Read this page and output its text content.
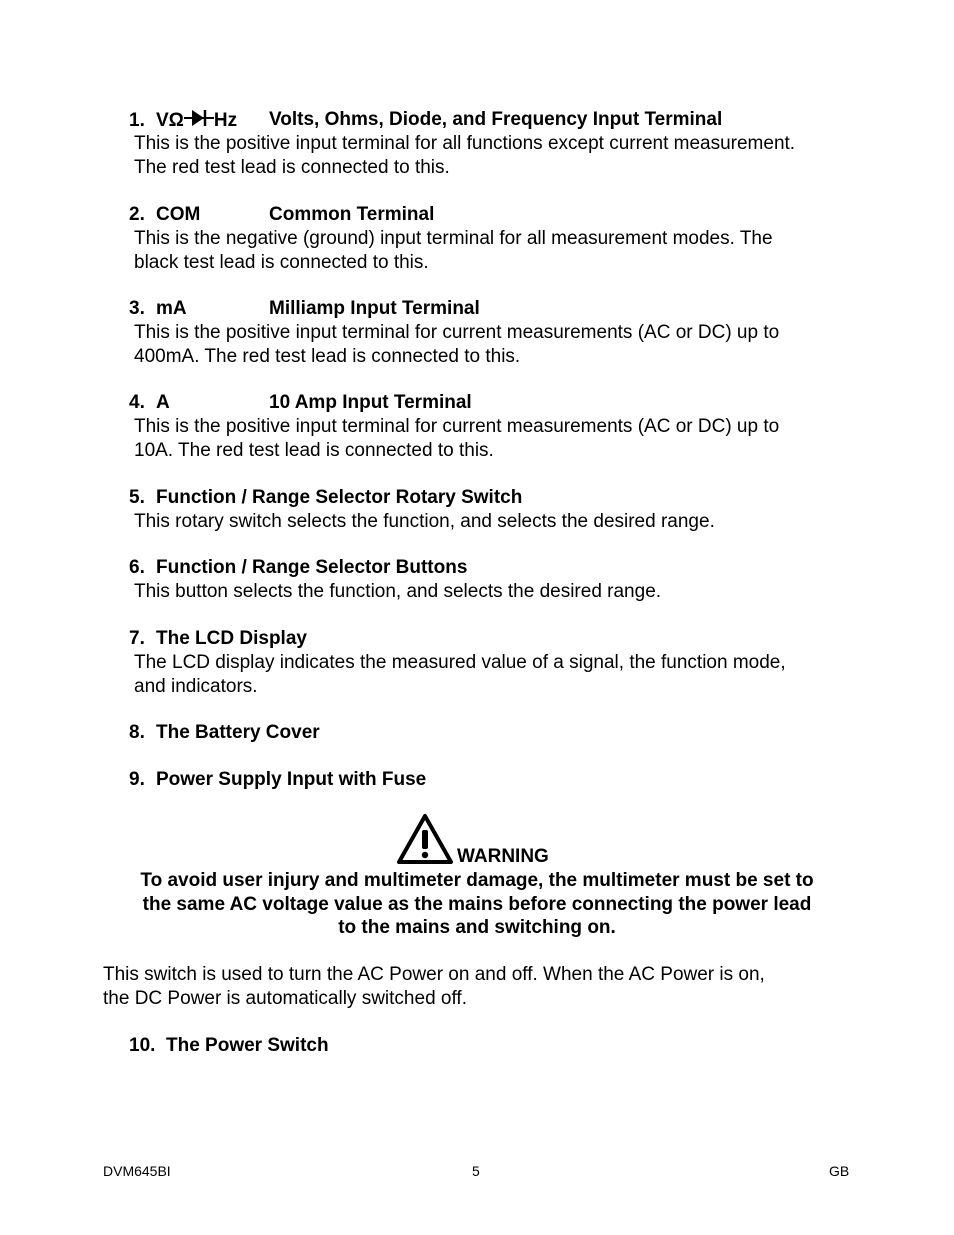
1. VΩ Hz Volts, Ohms, Diode, and Frequency Input Terminal
This is the positive input terminal for all functions except current measurement.
The red test lead is connected to this.
2. COM	Common Terminal
This is the negative (ground) input terminal for all measurement modes. The
black test lead is connected to this.
3. mA	Milliamp Input Terminal
This is the positive input terminal for current measurements (AC or DC) up to
400mA. The red test lead is connected to this.
4. A	10 Amp Input Terminal
This is the positive input terminal for current measurements (AC or DC) up to
10A. The red test lead is connected to this.
5. Function / Range Selector Rotary Switch
This rotary switch selects the function, and selects the desired range.
6. Function / Range Selector Buttons
This button selects the function, and selects the desired range.
7. The LCD Display
The LCD display indicates the measured value of a signal, the function mode,
and indicators.
8. The Battery Cover
9. Power Supply Input with Fuse
WARNING
To avoid user injury and multimeter damage, the multimeter must be set to
the same AC voltage value as the mains before connecting the power lead
to the mains and switching on.
This switch is used to turn the AC Power on and off. When the AC Power is on,
the DC Power is automatically switched off.
10. The Power Switch
DVM645BI	5	GB
